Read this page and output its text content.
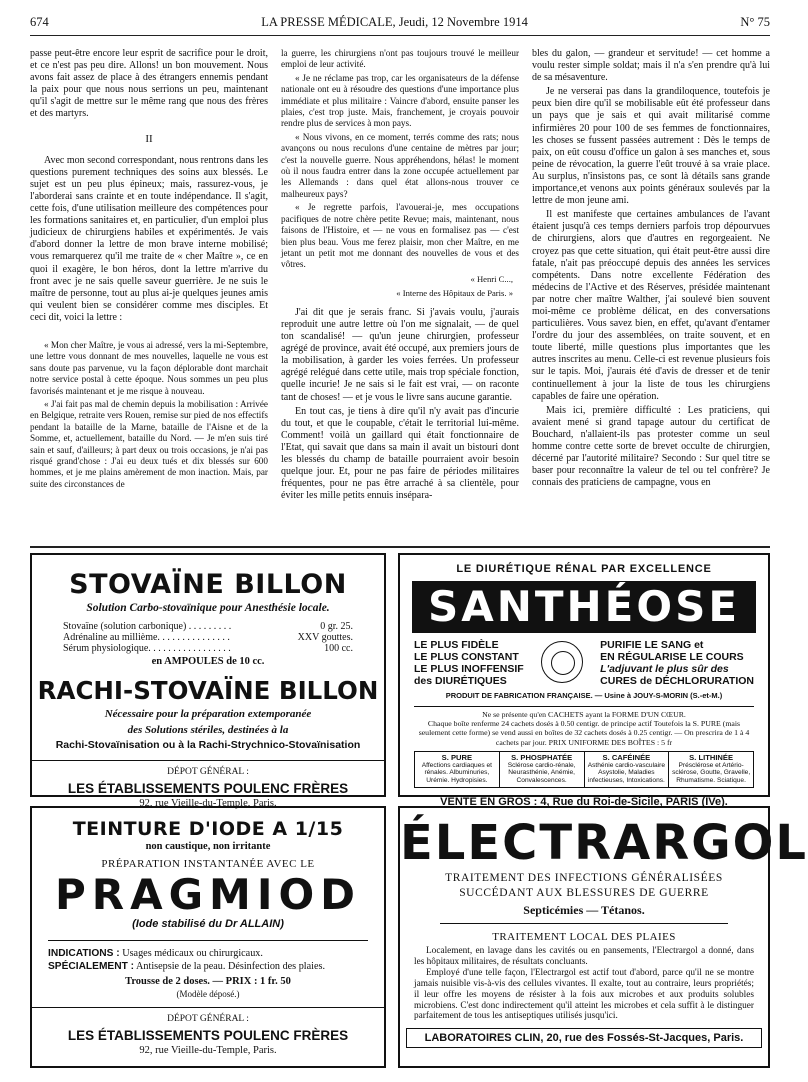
674	LA PRESSE MÉDICALE, Jeudi, 12 Novembre 1914	N° 75

passe peut-être encore leur esprit de sacrifice pour le droit, et ce n'est pas peu dire. Allons! un bon mouvement. Nous avons fait assez de place à des étrangers ennemis pendant la paix pour que nous nous serrions un peu, maintenant qu'il s'agit de mettre sur le même rang que nous des frères et des martyrs.

II

Avec mon second correspondant, nous rentrons dans les questions purement techniques des soins aux blessés. Le sujet est un peu plus épineux; mais, rassurez-vous, je l'aborderai sans crainte et en toute indépendance. Il s'agit, cette fois, d'une utilisation meilleure des compétences pour les formations sanitaires et, en particulier, d'un emploi plus judicieux de chirurgiens habiles et expérimentés. Je vais d'abord donner la lettre de mon brave interne mobilisé; vous remarquerez qu'il me traite de « cher Maître », ce en quoi il exagère, le bon héros, dont la lettre m'arrive du front avec je ne sais quelle saveur guerrière. Je ne suis le maître de personne, tout au plus ai-je quelques jeunes amis qui veulent bien se considérer comme mes disciples. Et ceci dit, voici la lettre :

« Mon cher Maître, je vous ai adressé, vers la mi-Septembre, une lettre vous donnant de mes nouvelles, laquelle ne vous est sans doute pas parvenue, vu la façon déplorable dont marchait notre service postal à cette époque. Nous sommes un peu plus favorisés maintenant et je me risque à nouveau.

« J'ai fait pas mal de chemin depuis la mobilisation : Arrivée en Belgique, retraite vers Rouen, remise sur pied de nos effectifs pendant la bataille de la Marne, bataille de l'Aisne et de la Somme, et, actuellement, bataille du Nord. — Je m'en suis tiré sain et sauf, d'ailleurs; à part deux ou trois occasions, je n'ai pas risqué grand'chose : J'ai eu deux tués et dix blessés sur 600 hommes, et je me plains amèrement de mon inaction. Mais, par suite des circonstances de

la guerre, les chirurgiens n'ont pas toujours trouvé le meilleur emploi de leur activité.

« Je ne réclame pas trop, car les organisateurs de la défense nationale ont eu à résoudre des questions d'une importance plus immédiate et plus militaire : Vaincre d'abord, ensuite panser les plaies, c'est trop juste. Mais, franchement, je croyais pouvoir rendre plus de services à mon pays.

« Nous vivons, en ce moment, terrés comme des rats; nous avançons ou nous reculons d'une centaine de mètres par jour; c'est la nouvelle guerre. Nous appréhendons, hélas! le moment où il nous faudra entrer dans la zone occupée actuellement par les Allemands : dans quel état allons-nous trouver ce malheureux pays?

« Je regrette parfois, l'avouerai-je, mes occupations pacifiques de notre chère petite Revue; mais, maintenant, nous faisons de l'Histoire, et — ne vous en formalisez pas — c'est bien plus beau. Vous me ferez plaisir, mon cher Maître, en me jetant un petit mot me donnant des nouvelles de vous et des vôtres.

« Henri C...,
« Interne des Hôpitaux de Paris. »

J'ai dit que je serais franc. Si j'avais voulu, j'aurais reproduit une autre lettre où l'on me signalait, — de quel ton scandalisé! — qu'un jeune chirurgien, professeur agrégé de province, avait été occupé, aux premiers jours de la mobilisation, à garder les voies ferrées. Un professeur agrégé relégué dans cette utile, mais trop spéciale fonction, quelle incurie! Je ne sais si le fait est vrai, — on raconte tant de choses! — et je vous le livre sans aucune garantie.

En tout cas, je tiens à dire qu'il n'y avait pas d'incurie du tout, et que le coupable, c'était le territorial lui-même. Comment! voilà un gaillard qui était fonctionnaire de l'Etat, qui savait que dans sa main il avait un bistouri dont les blessés du champ de bataille pourraient avoir besoin quelque jour. Et, pour ne pas faire de périodes militaires fréquentes, pour ne pas être arraché à sa clientèle, pour éviter les mille petits ennuis insépara-

bles du galon, — grandeur et servitude! — cet homme a voulu rester simple soldat; mais il n'a s'en prendre qu'à lui de sa mésaventure.

Je ne verserai pas dans la grandiloquence, toutefois je peux bien dire qu'il se mobilisable eût été professeur dans un pays que je sais et qui avait militarisé comme infirmières 20 pour 100 de ses femmes de fonctionnaires, les choses se fussent passées autrement : Dès le temps de paix, on eût cousu d'office un galon à ses manches et, sous peine de révocation, la guerre l'eût trouvé à sa vraie place. Au surplus, n'insistons pas, ce sont là détails sans grande importance,et venons aux points généraux soulevés par la lettre de mon jeune ami.

Il est manifeste que certaines ambulances de l'avant étaient jusqu'à ces temps derniers parfois trop dépourvues de chirurgiens, alors que d'autres en regorgeaient. Ne croyez pas que cette situation, qui était peut-être aussi dire fatale, n'ait pas préoccupé depuis des années les services compétents. Dans notre excellente Fédération des médecins de l'Active et des Réserves, présidée maintenant par notre cher maître Walther, j'ai soulevé bien souvent moi-même ce problème délicat, en des conversations particulières. Vous savez bien, en effet, qu'avant d'entamer l'ordre du jour des assemblées, on traite souvent, et en toute liberté, mille questions plus importantes que les autres inscrites au menu. Celle-ci est revenue plusieurs fois sur le tapis. Moi, j'aurais été d'avis de dresser et de tenir continuellement à jour la liste de tous les chirurgiens capables de faire une opération.

Mais ici, première difficulté : Les praticiens, qui avaient mené si grand tapage autour du certificat de Bouchard, n'allaient-ils pas protester comme un seul homme contre cette sorte de brevet occulte de chirurgien, décerné par l'autorité militaire? Secondo : Sur quel titre se baser pour reconnaître la valeur de tel ou tel confrère? Je connais des praticiens de campagne, vous en

STOVAÏNE BILLON
Solution Carbo-stovaïnique pour Anesthésie locale.
Stovaïne (solution carbonique) . . . . . . . . .	0 gr. 25.
Adrénaline au millième. . . . . . . . . . . . . . .	XXV gouttes.
Sérum physiologique. . . . . . . . . . . . . . . . .	100 cc.
en AMPOULES de 10 cc.
RACHI-STOVAÏNE BILLON
Nécessaire pour la préparation extemporanée
des Solutions stériles, destinées à la
Rachi-Stovaïnisation ou à la Rachi-Strychnico-Stovaïnisation
DÉPOT GÉNÉRAL :
LES ÉTABLISSEMENTS POULENC FRÈRES
92, rue Vieille-du-Temple, Paris.
LE DIURÉTIQUE RÉNAL PAR EXCELLENCE
SANTHÉOSE
LE PLUS FIDÈLE
LE PLUS CONSTANT
LE PLUS INOFFENSIF
des DIURÉTIQUES
PURIFIE LE SANG et
EN RÉGULARISE LE COURS
L'adjuvant le plus sûr des
CURES de DÉCHLORURATION
PRODUIT DE FABRICATION FRANÇAISE. — Usine à JOUY-S-MORIN (S.-et-M.)
Ne se présente qu'en CACHETS ayant la FORME D'UN CŒUR.
Chaque boîte renferme 24 cachets dosés à 0.50 centigr. de principe actif Toutefois la S. PURE (mais seulement cette forme) se vend aussi en boîtes de 32 cachets dosés à 0.25 centigr. — On prescrira de 1 à 4 cachets par jour. PRIX UNIFORME DES BOÎTES : 5 fr
S. PURE
Affections cardiaques et rénales. Albuminuries, Urémie. Hydropisies.
S. PHOSPHATÉE
Sclérose cardio-rénale, Neurasthénie, Anémie, Convalescences.
S. CAFÉINÉE
Asthénie cardio-vasculaire Asystolie, Maladies infectieuses, Intoxications.
S. LITHINÉE
Présclérose et Artério-sclérose, Goutte, Gravelle, Rhumatisme. Sciatique.
VENTE EN GROS : 4, Rue du Roi-de-Sicile, PARIS (IVe).
TEINTURE D'IODE A 1/15
non caustique, non irritante
PRÉPARATION INSTANTANÉE AVEC LE
PRAGMIOD
(Iode stabilisé du Dr ALLAIN)
INDICATIONS : Usages médicaux ou chirurgicaux.
SPÉCIALEMENT : Antisepsie de la peau. Désinfection des plaies.
Trousse de 2 doses. — PRIX : 1 fr. 50
(Modèle déposé.)
DÉPOT GÉNÉRAL :
LES ÉTABLISSEMENTS POULENC FRÈRES
92, rue Vieille-du-Temple, Paris.
ÉLECTRARGOL
TRAITEMENT DES INFECTIONS GÉNÉRALISÉES
SUCCÉDANT AUX BLESSURES DE GUERRE
Septicémies — Tétanos.
TRAITEMENT LOCAL DES PLAIES

Localement, en lavage dans les cavités ou en pansements, l'Electrargol a donné, dans les hôpitaux militaires, de résultats concluants.

Employé d'une telle façon, l'Electrargol est actif tout d'abord, parce qu'il ne se montre jamais nuisible vis-à-vis des cellules vivantes. Il exalte, tout au contraire, leurs propriétés; il leur offre les moyens de résister à la fois aux microbes et aux produits solubles microbiens. C'est donc indirectement qu'il atteint les microbes et cela suffit à le distinguer parfaitement de tous les antiseptiques utilisés jusqu'ici.

LABORATOIRES CLIN, 20, rue des Fossés-St-Jacques, Paris.
